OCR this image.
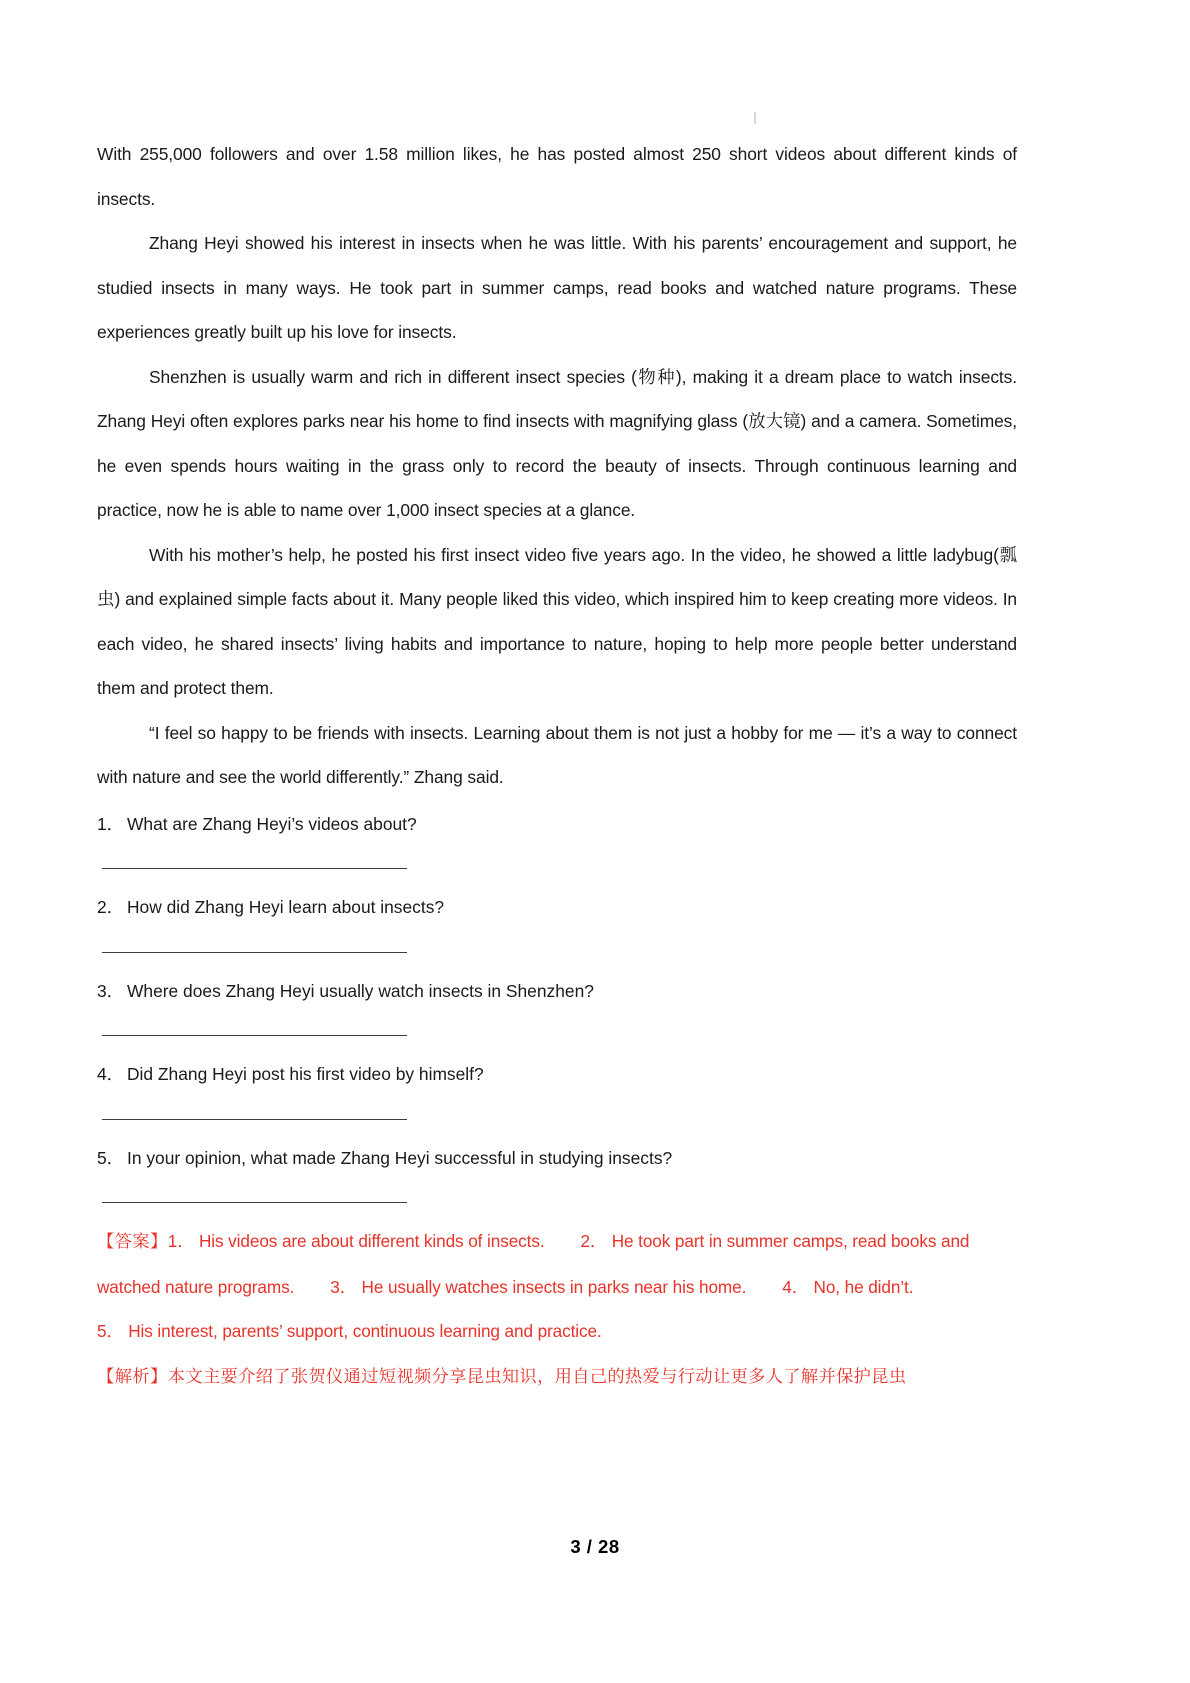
With 255,000 followers and over 1.58 million likes, he has posted almost 250 short videos about different kinds of insects.

Zhang Heyi showed his interest in insects when he was little. With his parents’ encouragement and support, he studied insects in many ways. He took part in summer camps, read books and watched nature programs. These experiences greatly built up his love for insects.

Shenzhen is usually warm and rich in different insect species (物种), making it a dream place to watch insects. Zhang Heyi often explores parks near his home to find insects with magnifying glass (放大镜) and a camera. Sometimes, he even spends hours waiting in the grass only to record the beauty of insects. Through continuous learning and practice, now he is able to name over 1,000 insect species at a glance.

With his mother’s help, he posted his first insect video five years ago. In the video, he showed a little ladybug(瓢虫) and explained simple facts about it. Many people liked this video, which inspired him to keep creating more videos. In each video, he shared insects’ living habits and importance to nature, hoping to help more people better understand them and protect them.

“I feel so happy to be friends with insects. Learning about them is not just a hobby for me — it’s a way to connect with nature and see the world differently.” Zhang said.

1． What are Zhang Heyi’s videos about?

2． How did Zhang Heyi learn about insects?

3． Where does Zhang Heyi usually watch insects in Shenzhen?

4． Did Zhang Heyi post his first video by himself?

5． In your opinion, what made Zhang Heyi successful in studying insects?

【答案】1． His videos are about different kinds of insects. 2． He took part in summer camps, read books and

watched nature programs. 3． He usually watches insects in parks near his home. 4． No, he didn’t.

5． His interest, parents’ support, continuous learning and practice.

【解析】本文主要介绍了张贺仪通过短视频分享昆虫知识，用自己的热爱与行动让更多人了解并保护昆虫

3 / 28
